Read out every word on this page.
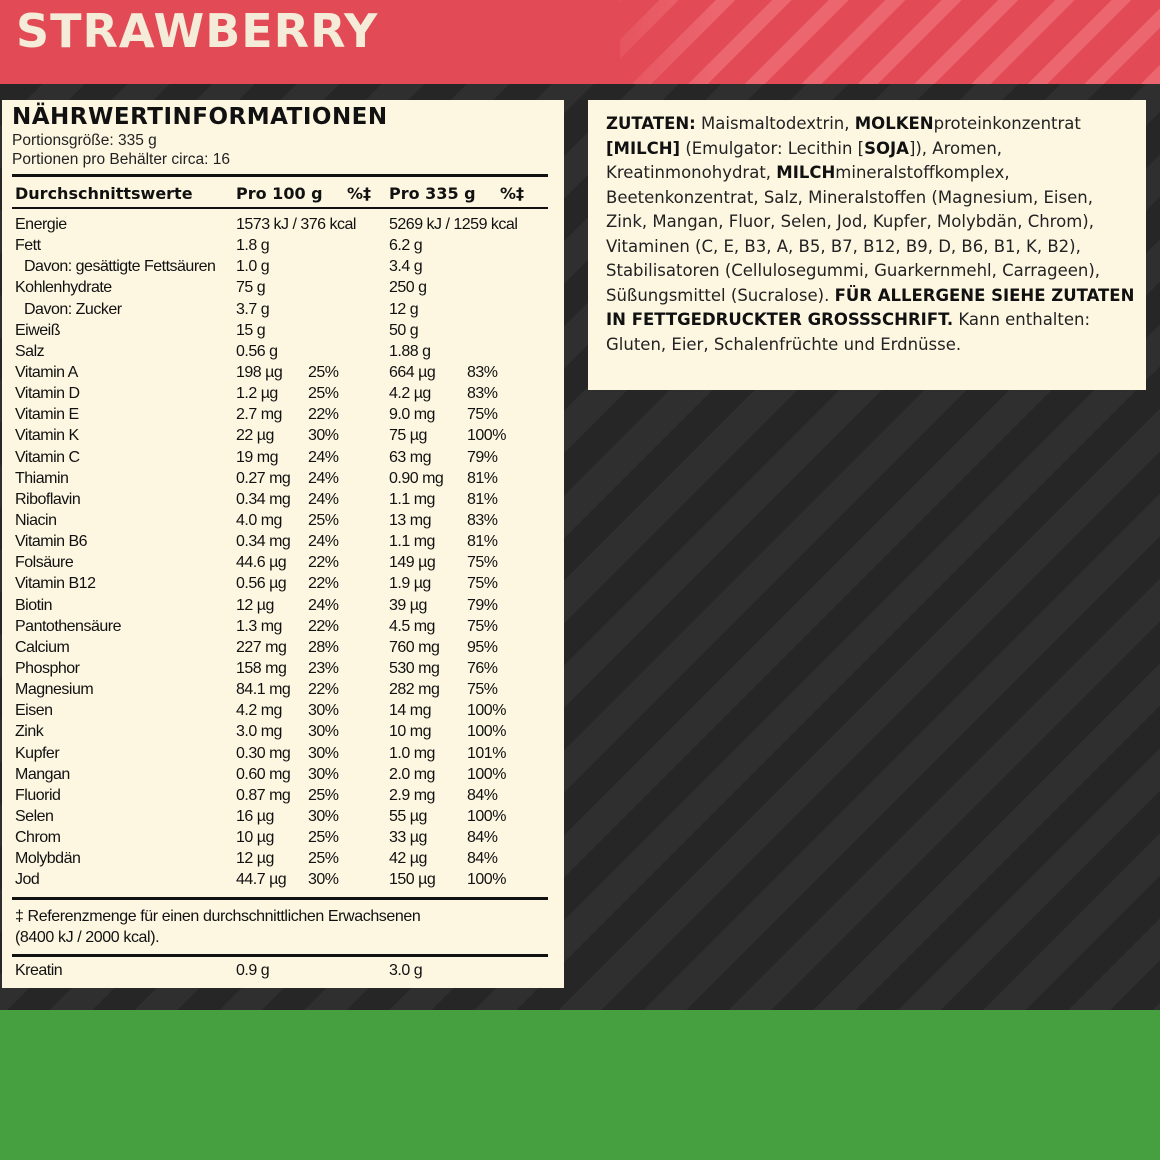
STRAWBERRY
NÄHRWERTINFORMATIONEN
Portionsgröße: 335 g
Portionen pro Behälter circa: 16
Durchschnittswerte	Pro 100 g %‡ Pro 335 g %‡
Energie	1573 kJ / 376 kcal 5269 kJ / 1259 kcal
Fett	1.8 g	6.2 g
Davon: gesättigte Fettsäuren 1.0 g	3.4 g
Kohlenhydrate	75 g	250 g
Davon: Zucker	3.7 g	12 g
Eiweiß	15 g	50 g
Salz	0.56 g	1.88 g
Vitamin A	198 µg 25%	664 µg 83%
Vitamin D	1.2 µg 25%	4.2 µg 83%
Vitamin E	2.7 mg 22%	9.0 mg 75%
Vitamin K	22 µg 30%	75 µg	100%
Vitamin C	19 mg 24%	63 mg 79%
Thiamin	0.27 mg 24%	0.90 mg 81%
Riboflavin	0.34 mg 24%	1.1 mg 81%
Niacin	4.0 mg 25%	13 mg 83%
Vitamin B6	0.34 mg 24%	1.1 mg 81%
Folsäure	44.6 µg 22%	149 µg 75%
Vitamin B12	0.56 µg 22%	1.9 µg 75%
Biotin	12 µg 24%	39 µg	79%
Pantothensäure	1.3 mg 22%	4.5 mg 75%
Calcium	227 mg 28%	760 mg 95%
Phosphor	158 mg 23%	530 mg 76%
Magnesium	84.1 mg 22%	282 mg 75%
Eisen	4.2 mg 30%	14 mg 100%
Zink	3.0 mg 30%	10 mg 100%
Kupfer	0.30 mg 30%	1.0 mg 101%
Mangan	0.60 mg 30%	2.0 mg 100%
Fluorid	0.87 mg 25%	2.9 mg 84%
Selen	16 µg 30%	55 µg	100%
Chrom	10 µg 25%	33 µg	84%
Molybdän	12 µg 25%	42 µg	84%
Jod	44.7 µg 30%	150 µg 100%
‡ Referenzmenge für einen durchschnittlichen Erwachsenen
(8400 kJ / 2000 kcal).
Kreatin	0.9 g	3.0 g
ZUTATEN: Maismaltodextrin, MOLKENproteinkonzentrat [MILCH] (Emulgator: Lecithin [SOJA]), Aromen, Kreatinmonohydrat, MILCHmineralstoffkomplex, Beetenkonzentrat, Salz, Mineralstoffen (Magnesium, Eisen, Zink, Mangan, Fluor, Selen, Jod, Kupfer, Molybdän, Chrom), Vitaminen (C, E, B3, A, B5, B7, B12, B9, D, B6, B1, K, B2), Stabilisatoren (Cellulosegummi, Guarkernmehl, Carrageen), Süßungsmittel (Sucralose). FÜR ALLERGENE SIEHE ZUTATEN IN FETTGEDRUCKTER GROSSSCHRIFT. Kann enthalten: Gluten, Eier, Schalenfrüchte und Erdnüsse.
